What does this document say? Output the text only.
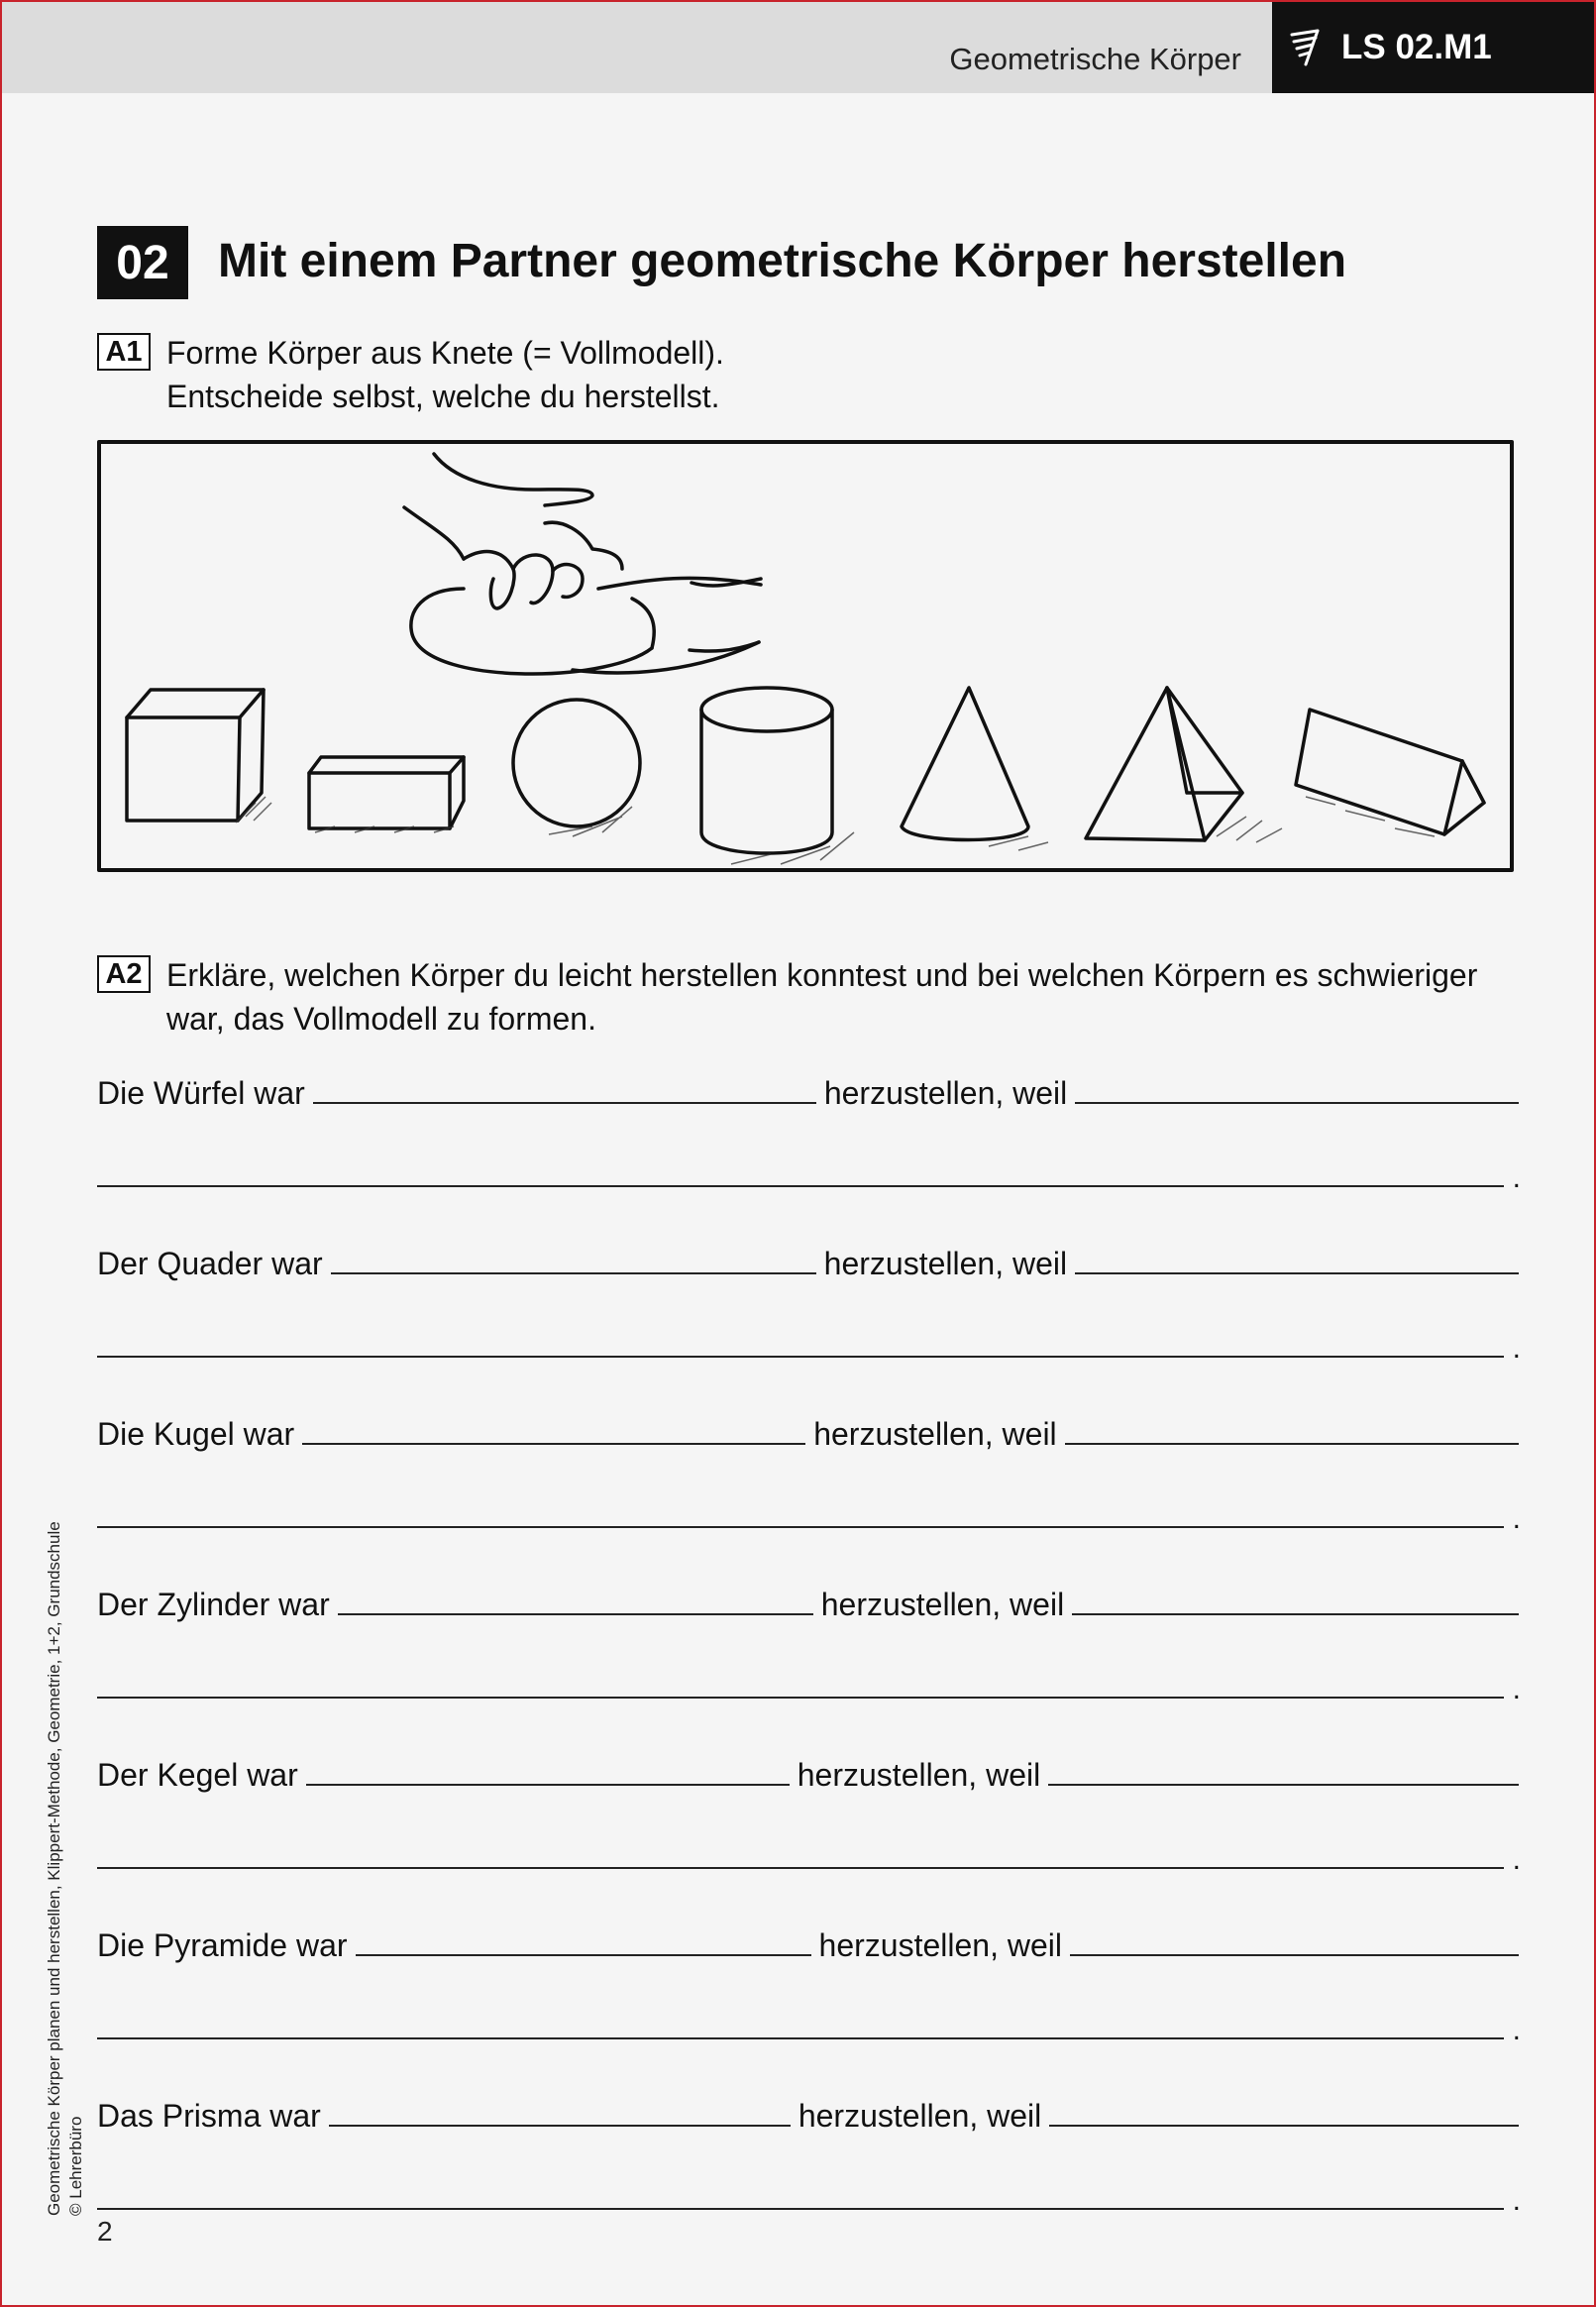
Geometrische Körper	LS 02.M1
02	Mit einem Partner geometrische Körper herstellen
A1 Forme Körper aus Knete (= Vollmodell).
Entscheide selbst, welche du herstellst.
A2 Erkläre, welchen Körper du leicht herstellen konntest und bei welchen Körpern es schwieriger
war, das Vollmodell zu formen.
Die Würfel war	herzustellen, weil
.
Der Quader war	herzustellen, weil
.
Die Kugel war	herzustellen, weil
.
Der Zylinder war	herzustellen, weil
.
Der Kegel war	herzustellen, weil
.
Die Pyramide war	herzustellen, weil
.
Das Prisma war	herzustellen, weil
.
Geometrische Körper planen und herstellen, Klippert-Methode, Geometrie, 1+2, Grundschule © Lehrerbüro
2
